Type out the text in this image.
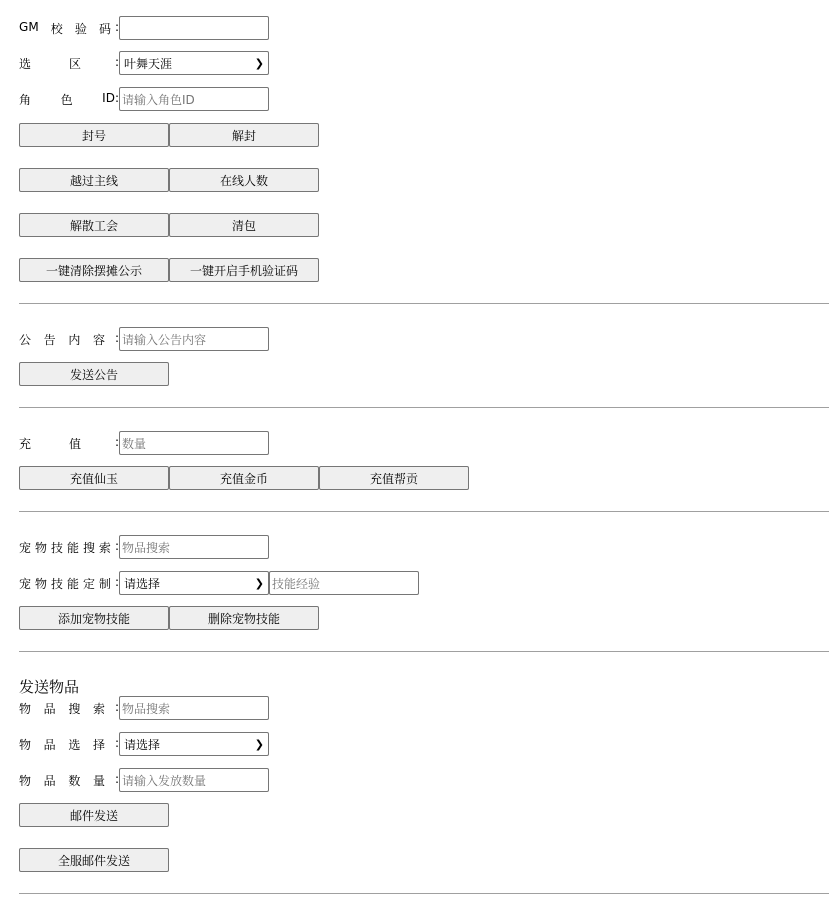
G M 校 验 码 :
选	区	: 叶舞天涯	❯
角 色 ID: 请输入角色ID
封号	解封
越过主线	在线人数
解散工会	清包
一键清除摆摊公示	一键开启手机验证码
公 告 内 容 : 请输入公告内容
发送公告
充	值	: 数量
充值仙玉	充值金币	充值帮贡
宠 物 技 能 搜 索 : 物品搜索
宠 物 技 能 定 制 : 请选择	❯ 技能经验
添加宠物技能	删除宠物技能
发送物品
物 品 搜 索 : 物品搜索
物 品 选 择 : 请选择	❯
物 品 数 量 : 请输入发放数量
邮件发送
全服邮件发送
